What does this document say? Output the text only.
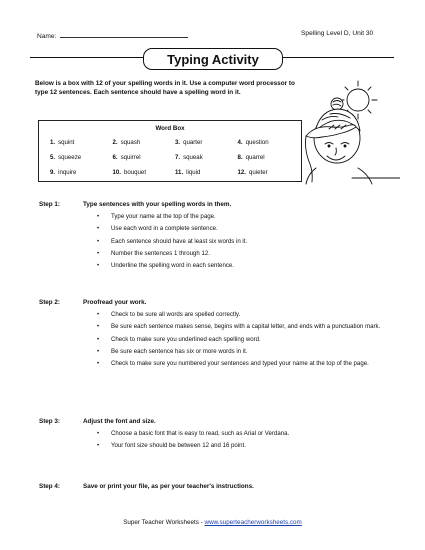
Name:	Spelling Level D, Unit 30
Typing Activity
Below is a box with 12 of your spelling words in it. Use a computer word processor to type 12 sentences. Each sentence should have a spelling word in it.
Word Box
1. squint	2. squash	3. quarter	4. question
5. squeeze	6. squirrel	7. squeak	8. quarrel
9. inquire	10. bouquet	11. liquid	12. quieter
Step 1:	Type sentences with your spelling words in them.
• Type your name at the top of the page.
• Use each word in a complete sentence.
• Each sentence should have at least six words in it.
• Number the sentences 1 through 12.
• Underline the spelling word in each sentence.
Step 2:	Proofread your work.
• Check to be sure all words are spelled correctly.
• Be sure each sentence makes sense, begins with a capital letter, and ends with a punctuation mark.
• Check to make sure you underlined each spelling word.
• Be sure each sentence has six or more words in it.
• Check to make sure you numbered your sentences and typed your name at the top of the page.
Step 3:	Adjust the font and size.
• Choose a basic font that is easy to read, such as Arial or Verdana.
• Your font size should be between 12 and 16 point.
Step 4:	Save or print your file, as per your teacher's instructions.
Super Teacher Worksheets - www.superteacherworksheets.com
